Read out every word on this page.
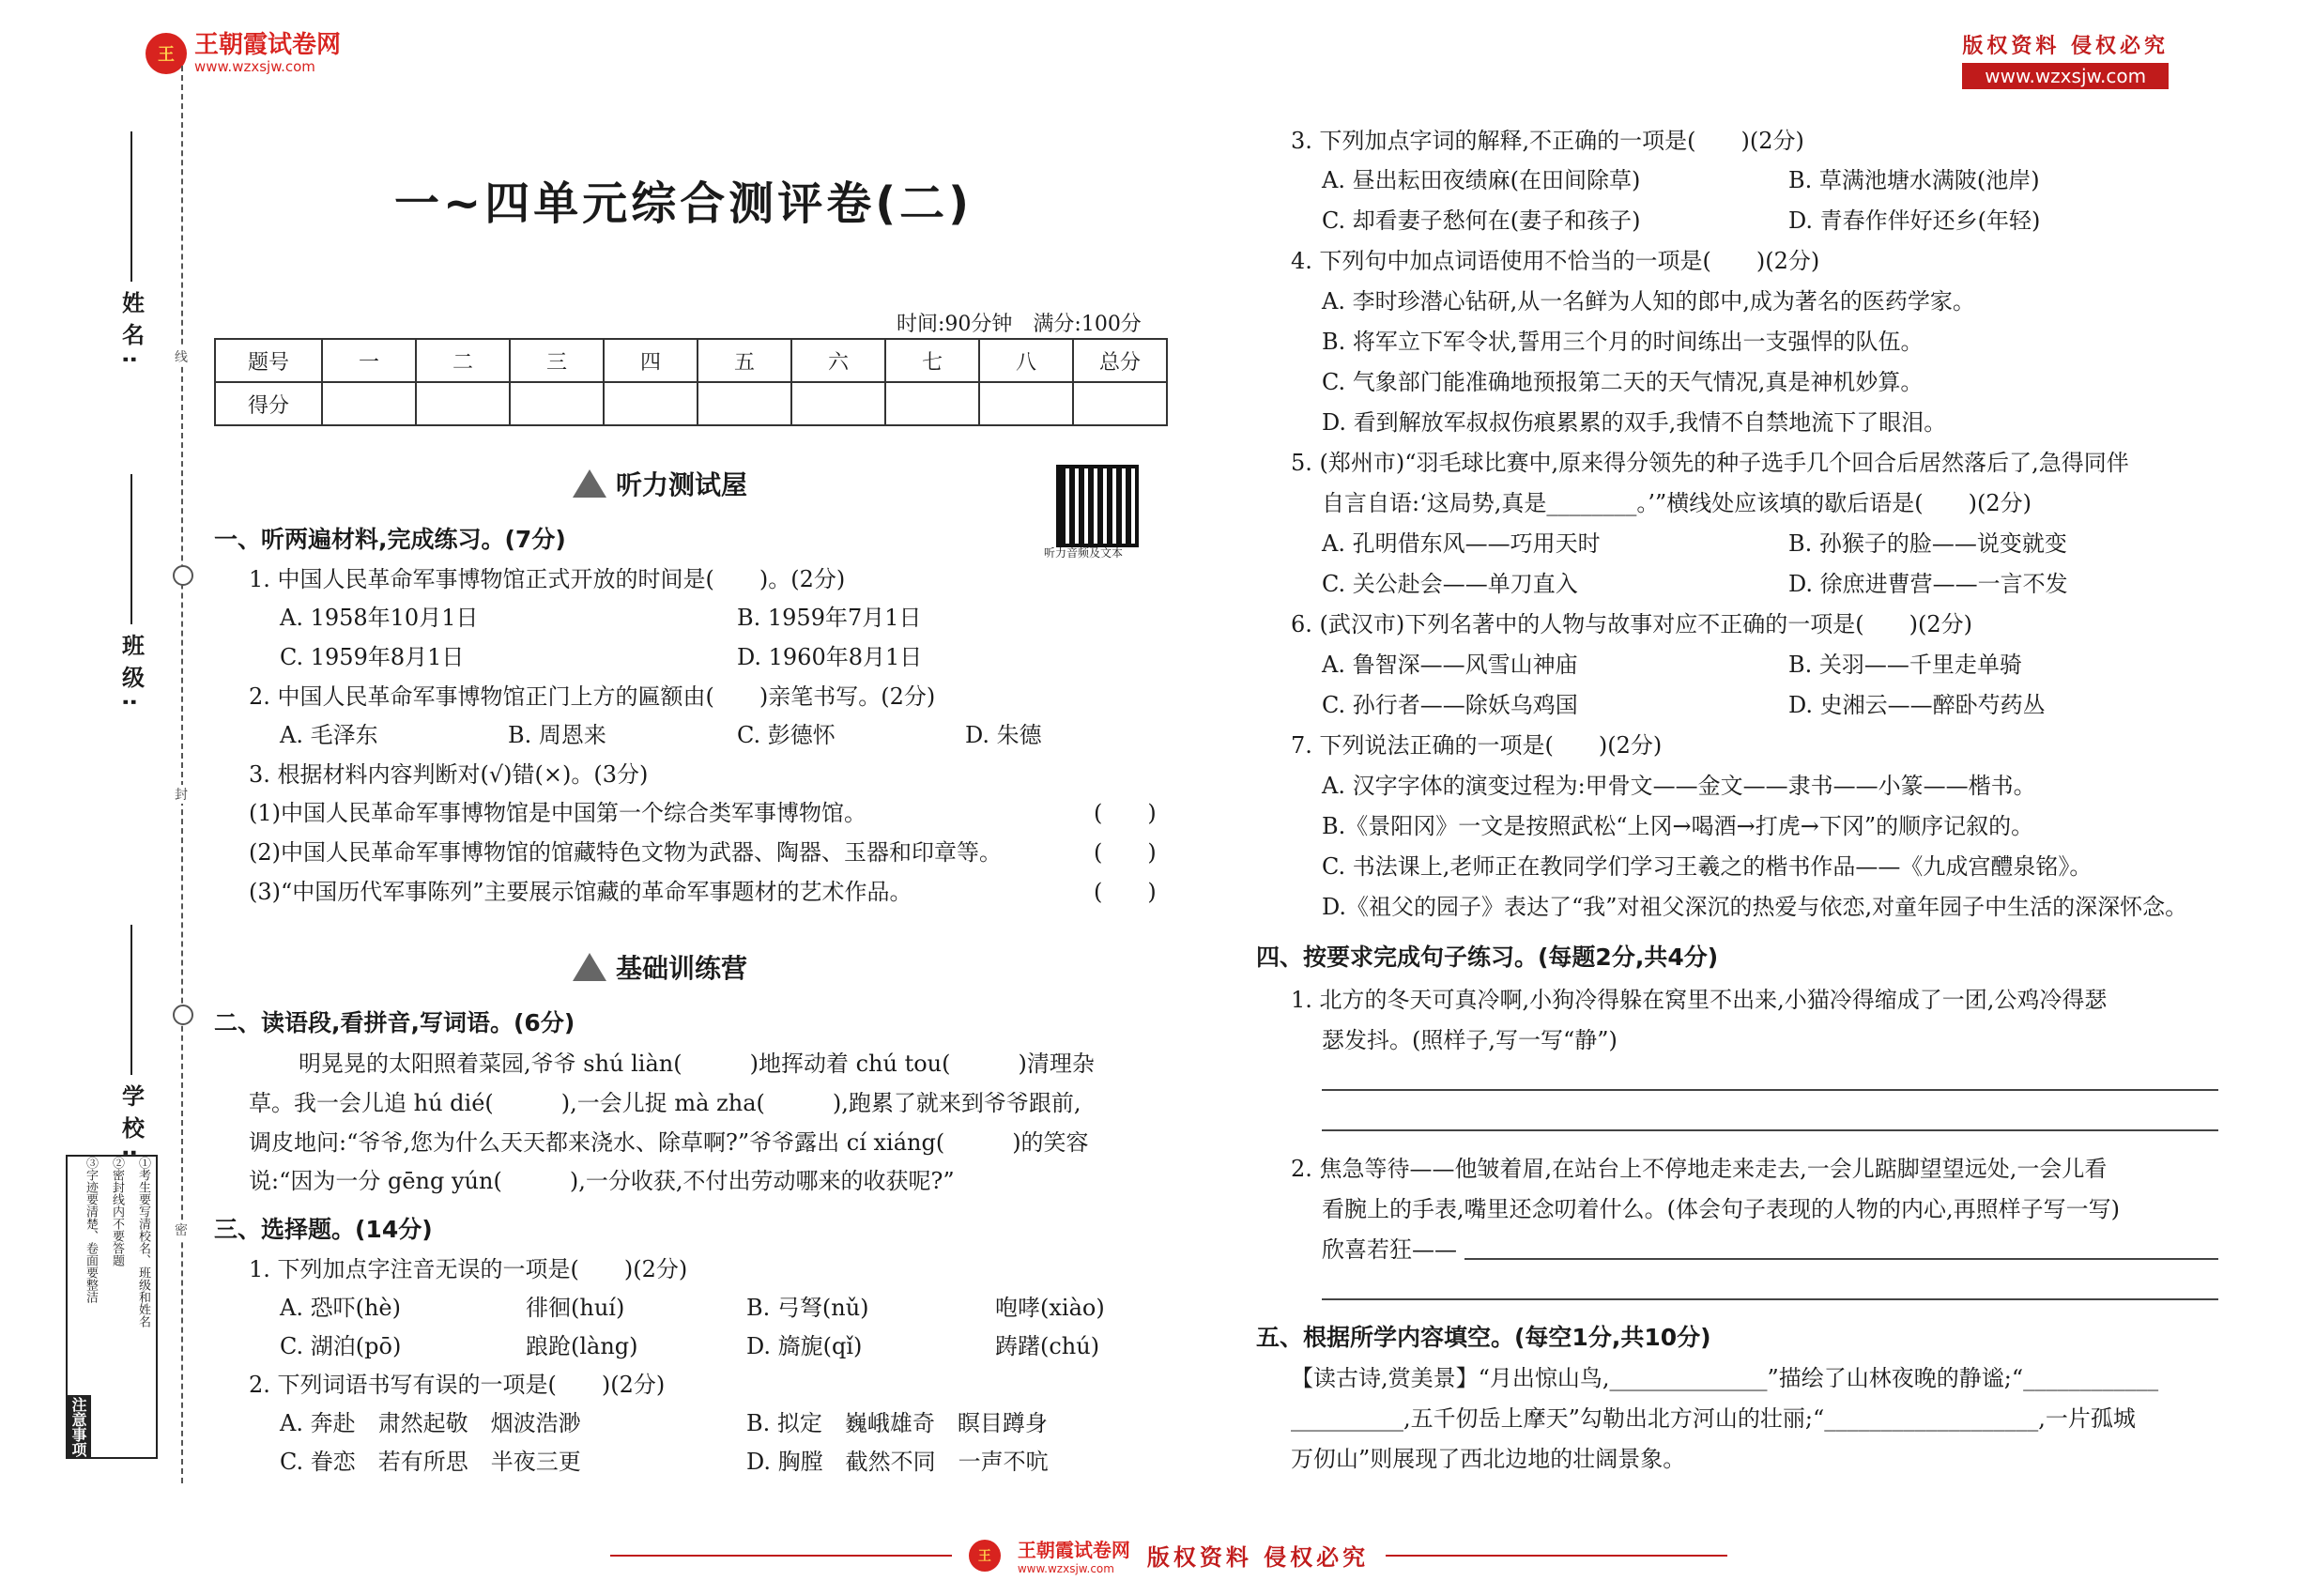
王 王朝霞试卷网
www.wzxsjw.com
版权资料 侵权必究
www.wzxsjw.com
线
封
密
姓名:
班级:
学校:
①考生要写清校名、班级和姓名
②密封线内不要答题
③字迹要清楚、卷面要整洁
注意事项
一~四单元综合测评卷(二)
时间:90分钟　满分:100分
题号	一	二	三	四	五	六	七	八	总分
得分									
听力测试屋
听力音频及文本
一、听两遍材料,完成练习。(7分)
1. 中国人民革命军事博物馆正式开放的时间是(　　)。(2分)
A. 1958年10月1日	B. 1959年7月1日
C. 1959年8月1日	D. 1960年8月1日
2. 中国人民革命军事博物馆正门上方的匾额由(　　)亲笔书写。(2分)
A. 毛泽东	B. 周恩来	C. 彭德怀	D. 朱德
3. 根据材料内容判断对(√)错(×)。(3分)
(1)中国人民革命军事博物馆是中国第一个综合类军事博物馆。	(　　)
(2)中国人民革命军事博物馆的馆藏特色文物为武器、陶器、玉器和印章等。	(　　)
(3)“中国历代军事陈列”主要展示馆藏的革命军事题材的艺术作品。	(　　)
基础训练营
二、读语段,看拼音,写词语。(6分)
明晃晃的太阳照着菜园,爷爷 shú liàn(　　　)地挥动着 chú tou(　　　)清理杂
草。我一会儿追 hú dié(　　　),一会儿捉 mà zha(　　　),跑累了就来到爷爷跟前,
调皮地问:“爷爷,您为什么天天都来浇水、除草啊?”爷爷露出 cí xiáng(　　　)的笑容
说:“因为一分 gēng yún(　　　),一分收获,不付出劳动哪来的收获呢?”
三、选择题。(14分)
1. 下列加点字注音无误的一项是(　　)(2分)
A. 恐吓(hè)	徘徊(huí)	B. 弓弩(nǔ)	咆哮(xiào)
C. 湖泊(pō)	踉跄(làng)	D. 旖旎(qǐ)	踌躇(chú)
2. 下列词语书写有误的一项是(　　)(2分)
A. 奔赴　肃然起敬　烟波浩渺	B. 拟定　巍峨雄奇　瞑目蹲身
C. 眷恋　若有所思　半夜三更	D. 胸膛　截然不同　一声不吭
3. 下列加点字词的解释,不正确的一项是(　　)(2分)
A. 昼出耘田夜绩麻(在田间除草)	B. 草满池塘水满陂(池岸)
C. 却看妻子愁何在(妻子和孩子)	D. 青春作伴好还乡(年轻)
4. 下列句中加点词语使用不恰当的一项是(　　)(2分)
A. 李时珍潜心钻研,从一名鲜为人知的郎中,成为著名的医药学家。
B. 将军立下军令状,誓用三个月的时间练出一支强悍的队伍。
C. 气象部门能准确地预报第二天的天气情况,真是神机妙算。
D. 看到解放军叔叔伤痕累累的双手,我情不自禁地流下了眼泪。
5. (郑州市)“羽毛球比赛中,原来得分领先的种子选手几个回合后居然落后了,急得同伴
自言自语:‘这局势,真是________。’”横线处应该填的歇后语是(　　)(2分)
A. 孔明借东风——巧用天时	B. 孙猴子的脸——说变就变
C. 关公赴会——单刀直入	D. 徐庶进曹营——一言不发
6. (武汉市)下列名著中的人物与故事对应不正确的一项是(　　)(2分)
A. 鲁智深——风雪山神庙	B. 关羽——千里走单骑
C. 孙行者——除妖乌鸡国	D. 史湘云——醉卧芍药丛
7. 下列说法正确的一项是(　　)(2分)
A. 汉字字体的演变过程为:甲骨文——金文——隶书——小篆——楷书。
B.《景阳冈》一文是按照武松“上冈→喝酒→打虎→下冈”的顺序记叙的。
C. 书法课上,老师正在教同学们学习王羲之的楷书作品——《九成宫醴泉铭》。
D.《祖父的园子》表达了“我”对祖父深沉的热爱与依恋,对童年园子中生活的深深怀念。
四、按要求完成句子练习。(每题2分,共4分)
1. 北方的冬天可真冷啊,小狗冷得躲在窝里不出来,小猫冷得缩成了一团,公鸡冷得瑟
瑟发抖。(照样子,写一写“静”)
2. 焦急等待——他皱着眉,在站台上不停地走来走去,一会儿踮脚望望远处,一会儿看
看腕上的手表,嘴里还念叨着什么。(体会句子表现的人物的内心,再照样子写一写)
欣喜若狂——
五、根据所学内容填空。(每空1分,共10分)
【读古诗,赏美景】“月出惊山鸟,______________”描绘了山林夜晚的静谧;“____________
__________,五千仞岳上摩天”勾勒出北方河山的壮丽;“___________________,一片孤城
万仞山”则展现了西北边地的壮阔景象。
王	王朝霞试卷网
www.wzxsjw.com	版权资料 侵权必究
